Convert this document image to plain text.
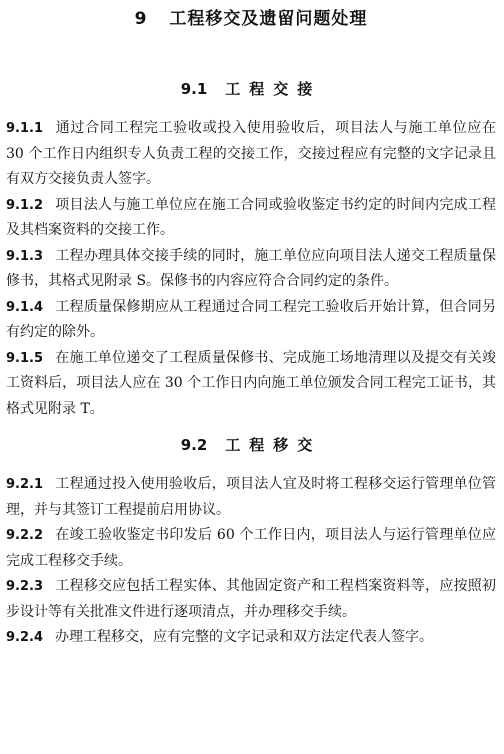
9 工程移交及遗留问题处理
9.1 工程交接

9.1.1 通过合同工程完工验收或投入使用验收后，项目法人与施工单位应在 30 个工作日内组织专人负责工程的交接工作，交接过程应有完整的文字记录且有双方交接负责人签字。

9.1.2 项目法人与施工单位应在施工合同或验收鉴定书约定的时间内完成工程及其档案资料的交接工作。

9.1.3 工程办理具体交接手续的同时，施工单位应向项目法人递交工程质量保修书，其格式见附录 S。保修书的内容应符合合同约定的条件。

9.1.4 工程质量保修期应从工程通过合同工程完工验收后开始计算，但合同另有约定的除外。

9.1.5 在施工单位递交了工程质量保修书、完成施工场地清理以及提交有关竣工资料后，项目法人应在 30 个工作日内向施工单位颁发合同工程完工证书，其格式见附录 T。

9.2 工程移交

9.2.1 工程通过投入使用验收后，项目法人宜及时将工程移交运行管理单位管理，并与其签订工程提前启用协议。

9.2.2 在竣工验收鉴定书印发后 60 个工作日内，项目法人与运行管理单位应完成工程移交手续。

9.2.3 工程移交应包括工程实体、其他固定资产和工程档案资料等，应按照初步设计等有关批准文件进行逐项清点，并办理移交手续。

9.2.4 办理工程移交，应有完整的文字记录和双方法定代表人签字。
